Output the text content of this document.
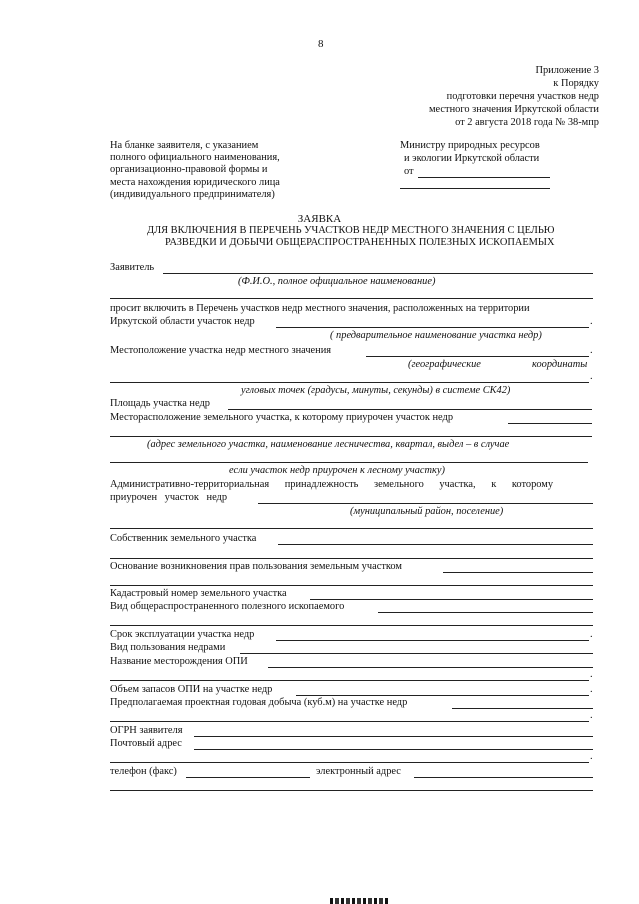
8
Приложение 3
к Порядку
подготовки перечня участков недр
местного значения Иркутской области
от 2 августа 2018 года № 38-мпр
На бланке заявителя, с указанием
полного официального наименования,
организационно-правовой формы и
места нахождения юридического лица
(индивидуального предпринимателя)
Министру природных ресурсов
и экологии Иркутской области
от
ЗАЯВКА
ДЛЯ ВКЛЮЧЕНИЯ В ПЕРЕЧЕНЬ УЧАСТКОВ НЕДР МЕСТНОГО ЗНАЧЕНИЯ С ЦЕЛЬЮ
РАЗВЕДКИ И ДОБЫЧИ ОБЩЕРАСПРОСТРАНЕННЫХ ПОЛЕЗНЫХ ИСКОПАЕМЫХ
Заявитель
(Ф.И.О., полное официальное наименование)
просит включить в Перечень участков недр местного значения, расположенных на территории
Иркутской области участок недр	.
( предварительное наименование участка недр)
Местоположение участка недр местного значения	.
(географические	координаты
.
угловых точек (градусы, минуты, секунды) в системе СК42)
Площадь участка недр
Месторасположение земельного участка, к которому приурочен участок недр
(адрес земельного участка, наименование лесничества, квартал, выдел – в случае
если участок недр приурочен к лесному участку)
Административно-территориальная принадлежность земельного участка, к которому
приурочен участок недр
(муниципальный район, поселение)
Собственник земельного участка
Основание возникновения прав пользования земельным участком
Кадастровый номер земельного участка
Вид общераспространенного полезного ископаемого
Срок эксплуатации участка недр	.
Вид пользования недрами
Название месторождения ОПИ
.
Объем запасов ОПИ на участке недр	.
Предполагаемая проектная годовая добыча (куб.м) на участке недр
.
ОГРН заявителя
Почтовый адрес
.
телефон (факс)	электронный адрес
